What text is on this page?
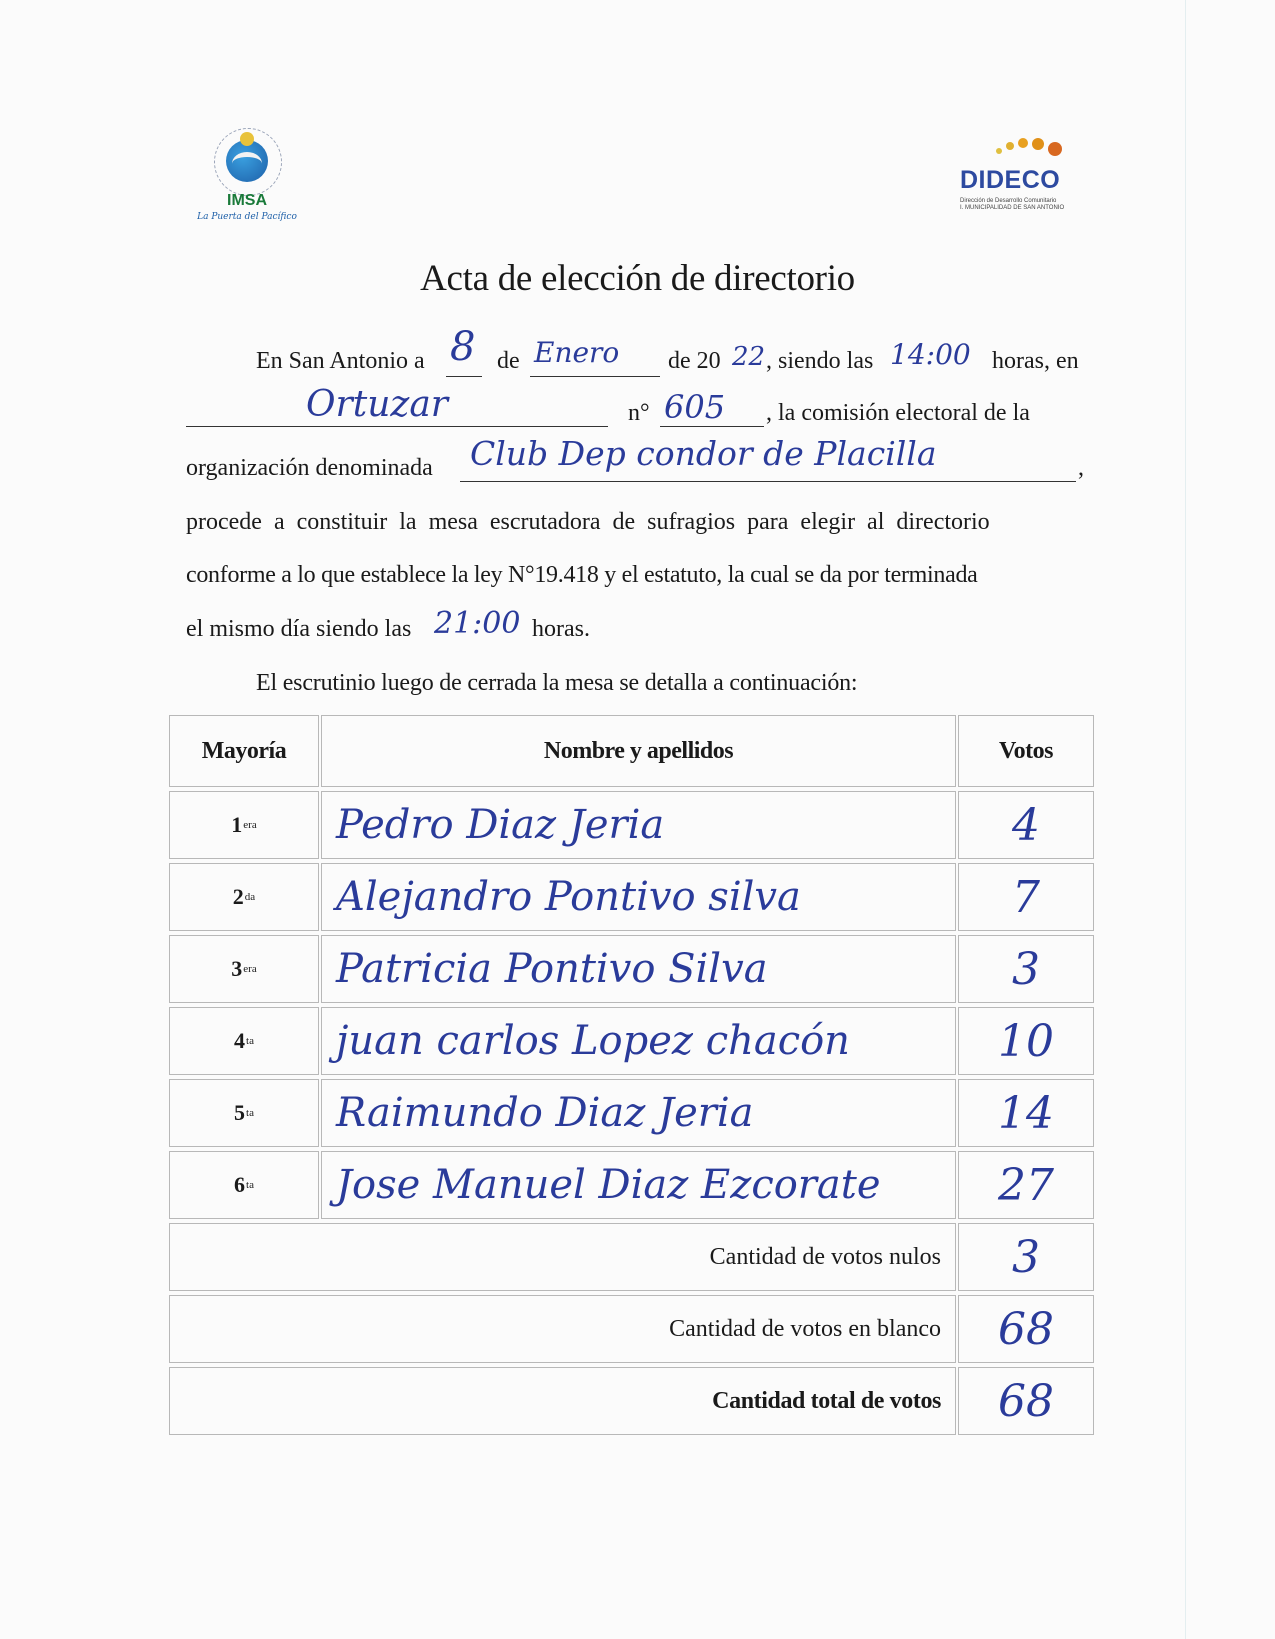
IMSA
La Puerta del Pacífico
DIDECO
Dirección de Desarrollo Comunitario
I. MUNICIPALIDAD DE SAN ANTONIO
Acta de elección de directorio
En San Antonio a 8 de Enero de 20 22 , siendo las 14:00 horas, en
Ortuzar	n° 605 , la comisión electoral de la
organización denominada Club Dep condor de Placilla	,
procede a constituir la mesa escrutadora de sufragios para elegir al directorio
conforme a lo que establece la ley N°19.418 y el estatuto, la cual se da por terminada
el mismo día siendo las 21:00 horas.
El escrutinio luego de cerrada la mesa se detalla a continuación:
Mayoría	Nombre y apellidos	Votos
1 era	Pedro Diaz Jeria	4
2 da	Alejandro Pontivo silva	7
3 era	Patricia Pontivo Silva	3
4 ta	juan carlos Lopez chacón	10
5 ta	Raimundo Diaz Jeria	14
6 ta	Jose Manuel Diaz Ezcorate	27
Cantidad de votos nulos	3
Cantidad de votos en blanco	68
Cantidad total de votos	68
